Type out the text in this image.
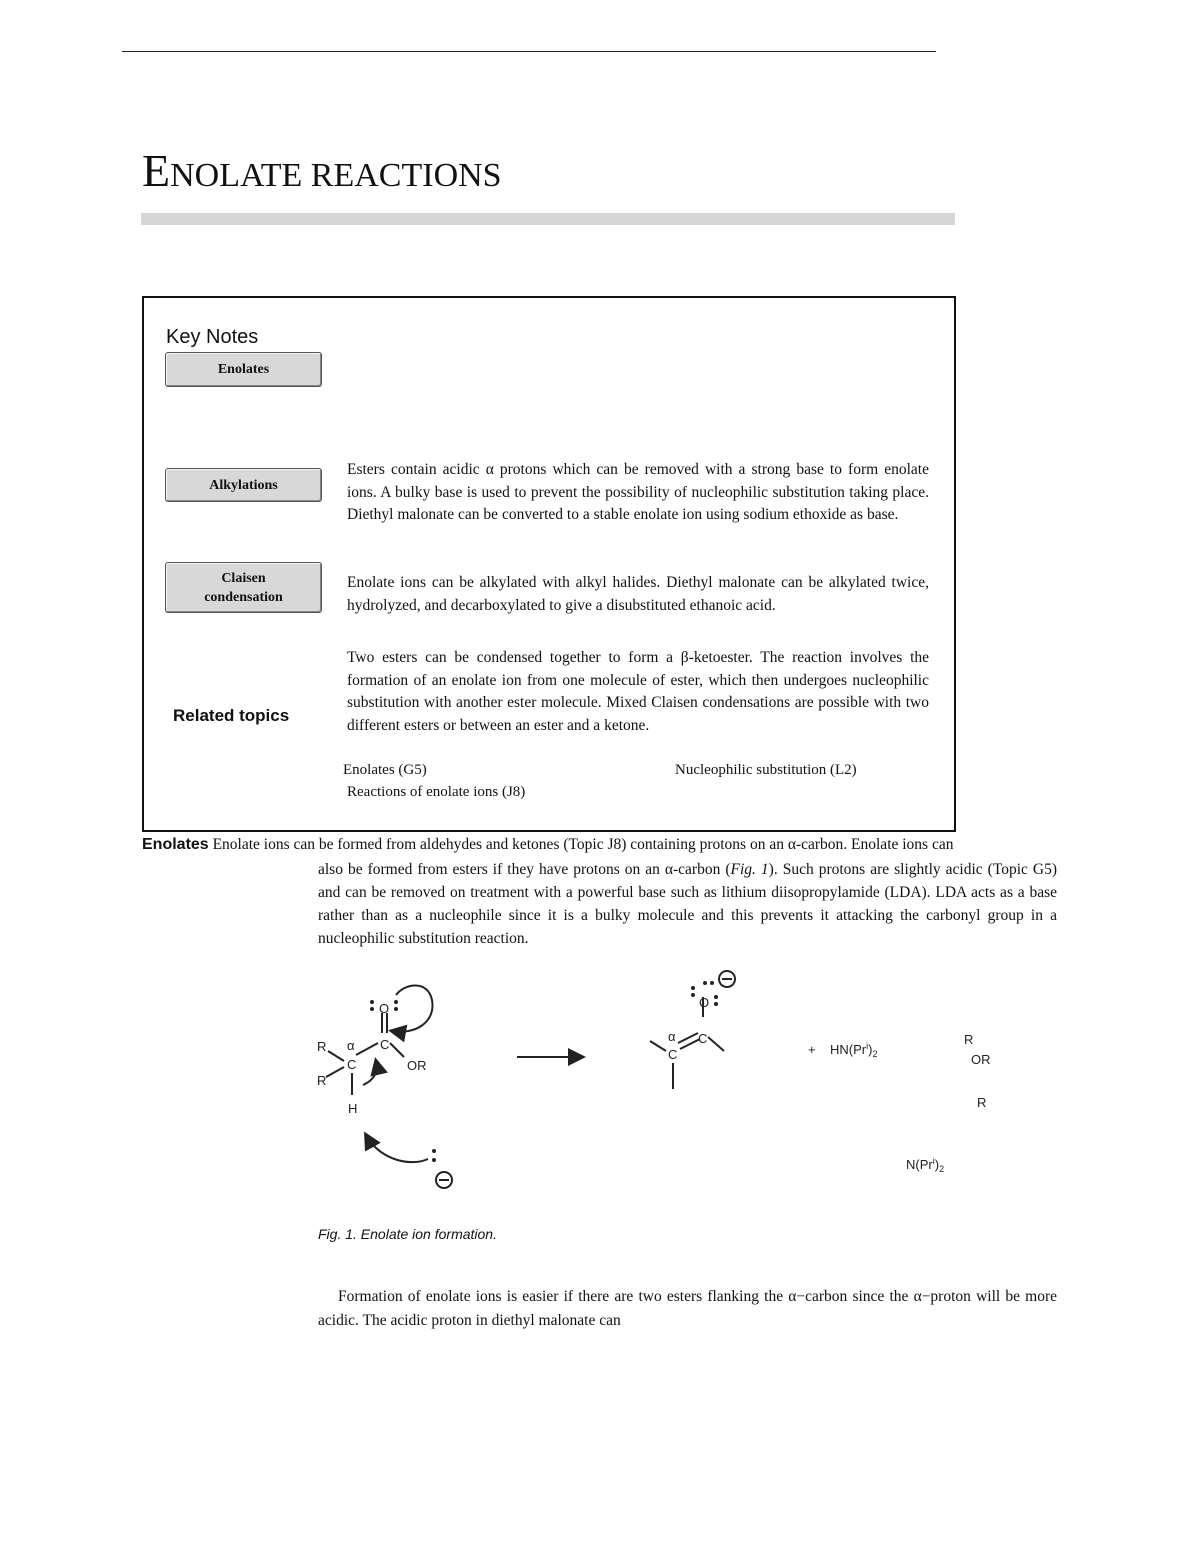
ENOLATE REACTIONS
Key Notes
Enolates
Alkylations
Claisen
condensation
Esters contain acidic α protons which can be removed with a strong base to form enolate ions. A bulky base is used to prevent the possibility of nucleophilic substitution taking place. Diethyl malonate can be converted to a stable enolate ion using sodium ethoxide as base.
Enolate ions can be alkylated with alkyl halides. Diethyl malonate can be alkylated twice, hydrolyzed, and decarboxylated to give a disubstituted ethanoic acid.
Two esters can be condensed together to form a β-ketoester. The reaction involves the formation of an enolate ion from one molecule of ester, which then undergoes nucleophilic substitution with another ester molecule. Mixed Claisen condensations are possible with two different esters or between an ester and a ketone.
Related topics
Enolates (G5)	Nucleophilic substitution (L2)
Reactions of enolate ions (J8)
Enolates Enolate ions can be formed from aldehydes and ketones (Topic J8) containing protons on an α-carbon. Enolate ions can
also be formed from esters if they have protons on an α-carbon (Fig. 1). Such protons are slightly acidic (Topic G5) and can be removed on treatment with a powerful base such as lithium diisopropylamide (LDA). LDA acts as a base rather than as a nucleophile since it is a bulky molecule and this prevents it attacking the carbonyl group in a nucleophilic substitution reaction.
O
C
C
α
R
R
OR
H
O
C
C
α
+ $HN(Pr^i)_2$
R
OR
R
$N(Pr^i)_2$
Fig. 1. Enolate ion formation.
Formation of enolate ions is easier if there are two esters flanking the α−carbon since the α−proton will be more acidic. The acidic proton in diethyl malonate can
